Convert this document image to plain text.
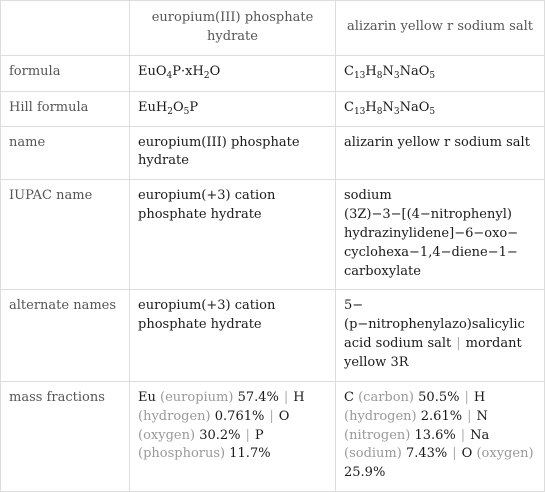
	europium(III) phosphate hydrate	alizarin yellow r sodium salt
formula	$EuO_4P\cdot xH_2O$	$C_{13}H_8N_3NaO_5$
Hill formula	$EuH_2O_5P$	$C_{13}H_8N_3NaO_5$
name	europium(III) phosphate hydrate	alizarin yellow r sodium salt
IUPAC name	europium(+3) cation phosphate hydrate	sodium
(3Z)−3−[(4−nitrophenyl)
hydrazinylidene]−6−oxo−
cyclohexa−1,4−diene−1−
carboxylate
alternate names	europium(+3) cation phosphate hydrate	5−(p−nitrophenylazo)salicylic acid sodium salt | mordant yellow 3R
mass fractions	Eu (europium) 57.4% | H (hydrogen) 0.761% | O (oxygen) 30.2% | P (phosphorus) 11.7%	C (carbon) 50.5% | H (hydrogen) 2.61% | N (nitrogen) 13.6% | Na (sodium) 7.43% | O (oxygen) 25.9%
